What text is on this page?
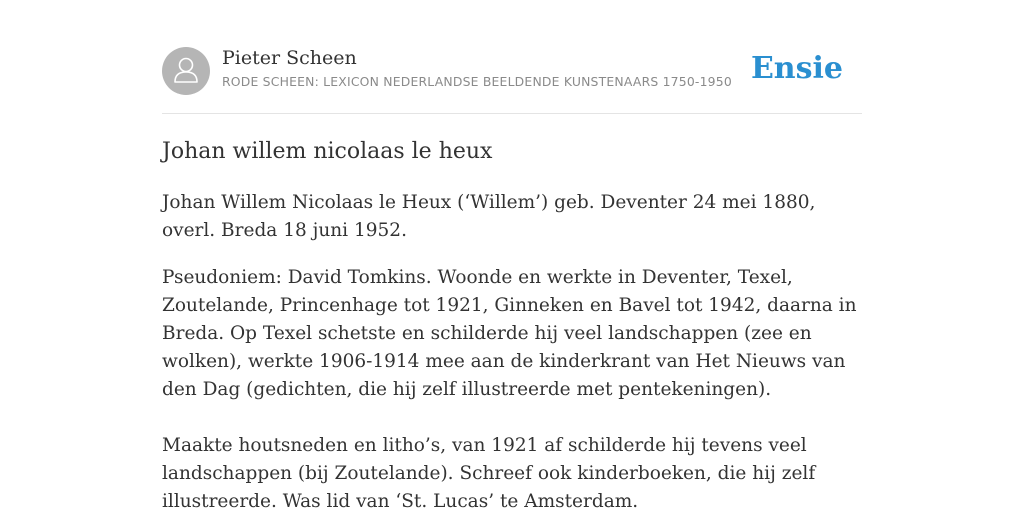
Pieter Scheen
RODE SCHEEN: LEXICON NEDERLANDSE BEELDENDE KUNSTENAARS 1750-1950 Ensie
Johan willem nicolaas le heux

Johan Willem Nicolaas le Heux (‘Willem’) geb. Deventer 24 mei 1880, overl. Breda 18 juni 1952.

Pseudoniem: David Tomkins. Woonde en werkte in Deventer, Texel, Zoutelande, Princenhage tot 1921, Ginneken en Bavel tot 1942, daarna in Breda. Op Texel schetste en schilderde hij veel landschappen (zee en wolken), werkte 1906-1914 mee aan de kinderkrant van Het Nieuws van den Dag (gedichten, die hij zelf illustreerde met pentekeningen).

Maakte houtsneden en litho’s, van 1921 af schilderde hij tevens veel landschappen (bij Zoutelande). Schreef ook kinderboeken, die hij zelf illustreerde. Was lid van ‘St. Lucas’ te Amsterdam.
